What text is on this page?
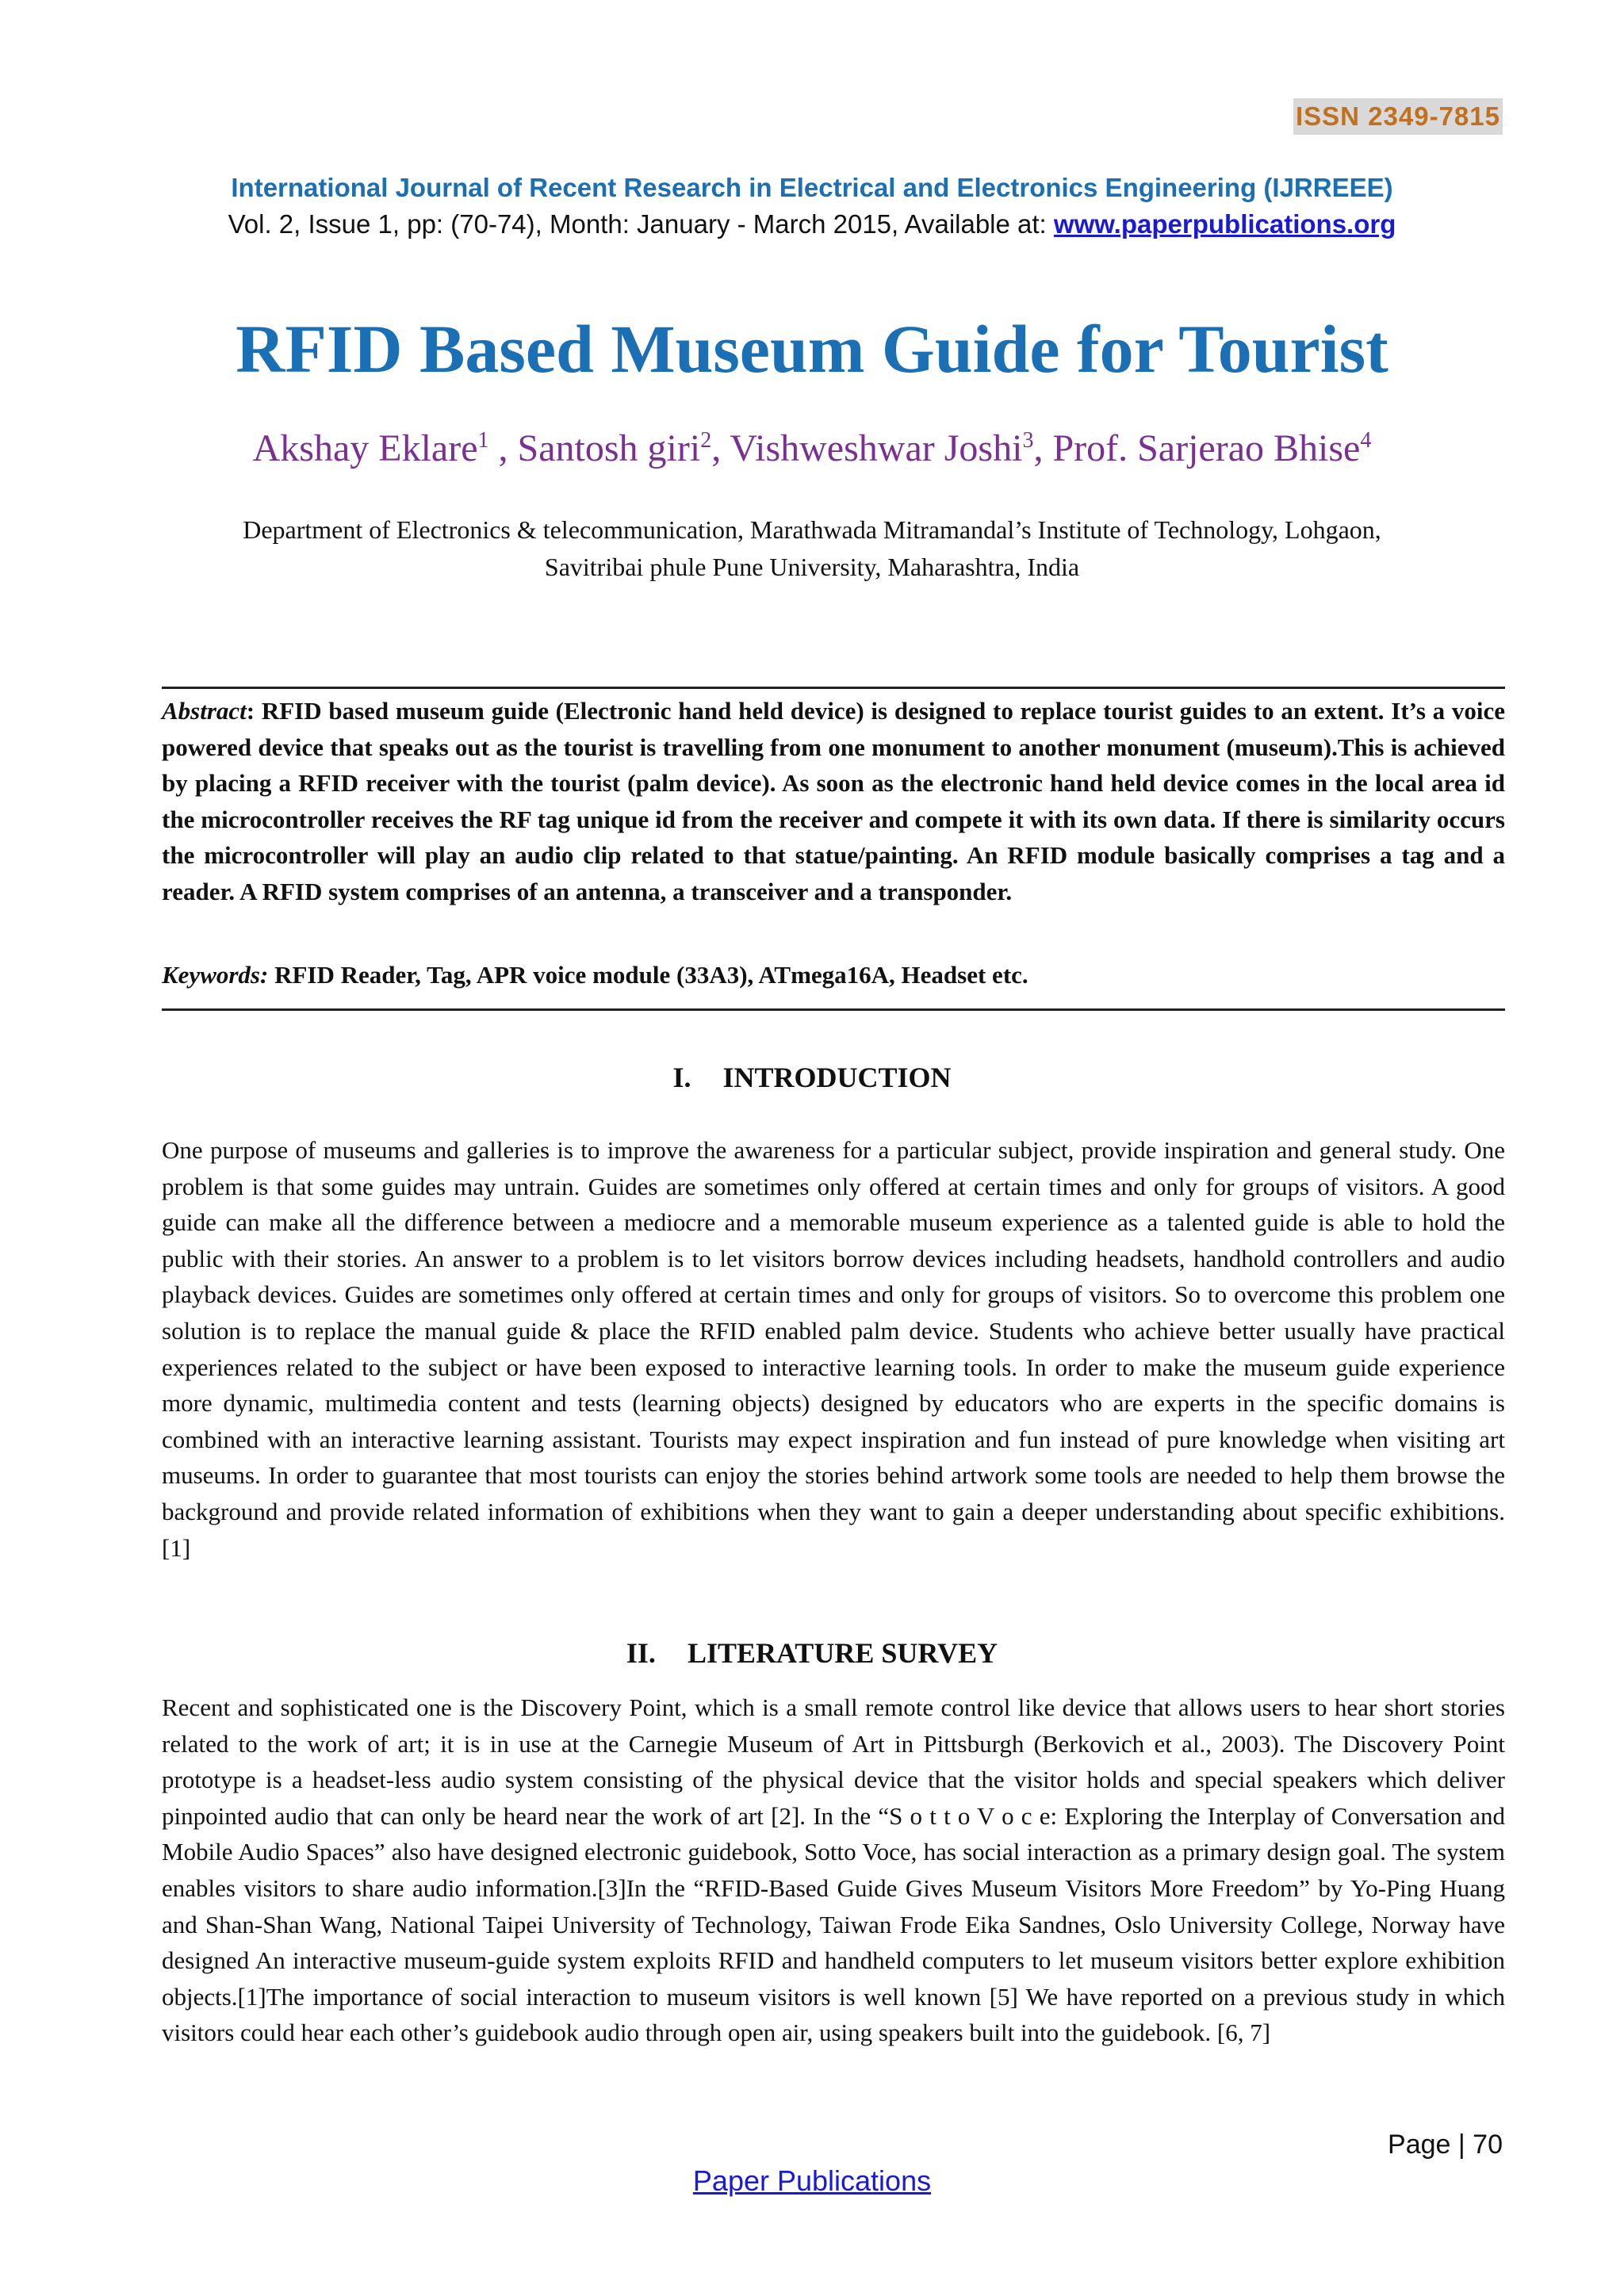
ISSN 2349-7815
International Journal of Recent Research in Electrical and Electronics Engineering (IJRREEE)
Vol. 2, Issue 1, pp: (70-74), Month: January - March 2015, Available at: www.paperpublications.org
RFID Based Museum Guide for Tourist
Akshay Eklare$^1$ , Santosh giri$^2$, Vishweshwar Joshi$^3$, Prof. Sarjerao Bhise$^4$
Department of Electronics & telecommunication, Marathwada Mitramandal’s Institute of Technology, Lohgaon,
Savitribai phule Pune University, Maharashtra, India
Abstract: RFID based museum guide (Electronic hand held device) is designed to replace tourist guides to an extent. It’s a voice powered device that speaks out as the tourist is travelling from one monument to another monument (museum).This is achieved by placing a RFID receiver with the tourist (palm device). As soon as the electronic hand held device comes in the local area id the microcontroller receives the RF tag unique id from the receiver and compete it with its own data. If there is similarity occurs the microcontroller will play an audio clip related to that statue/painting. An RFID module basically comprises a tag and a reader. A RFID system comprises of an antenna, a transceiver and a transponder.
Keywords: RFID Reader, Tag, APR voice module (33A3), ATmega16A, Headset etc.
I. INTRODUCTION
One purpose of museums and galleries is to improve the awareness for a particular subject, provide inspiration and general study. One problem is that some guides may untrain. Guides are sometimes only offered at certain times and only for groups of visitors. A good guide can make all the difference between a mediocre and a memorable museum experience as a talented guide is able to hold the public with their stories. An answer to a problem is to let visitors borrow devices including headsets, handhold controllers and audio playback devices. Guides are sometimes only offered at certain times and only for groups of visitors. So to overcome this problem one solution is to replace the manual guide & place the RFID enabled palm device. Students who achieve better usually have practical experiences related to the subject or have been exposed to interactive learning tools. In order to make the museum guide experience more dynamic, multimedia content and tests (learning objects) designed by educators who are experts in the specific domains is combined with an interactive learning assistant. Tourists may expect inspiration and fun instead of pure knowledge when visiting art museums. In order to guarantee that most tourists can enjoy the stories behind artwork some tools are needed to help them browse the background and provide related information of exhibitions when they want to gain a deeper understanding about specific exhibitions. [1]
II. LITERATURE SURVEY
Recent and sophisticated one is the Discovery Point, which is a small remote control like device that allows users to hear short stories related to the work of art; it is in use at the Carnegie Museum of Art in Pittsburgh (Berkovich et al., 2003). The Discovery Point prototype is a headset-less audio system consisting of the physical device that the visitor holds and special speakers which deliver pinpointed audio that can only be heard near the work of art [2]. In the “S o t t o V o c e: Exploring the Interplay of Conversation and Mobile Audio Spaces” also have designed electronic guidebook, Sotto Voce, has social interaction as a primary design goal. The system enables visitors to share audio information.[3]In the “RFID-Based Guide Gives Museum Visitors More Freedom” by Yo-Ping Huang and Shan-Shan Wang, National Taipei University of Technology, Taiwan Frode Eika Sandnes, Oslo University College, Norway have designed An interactive museum-guide system exploits RFID and handheld computers to let museum visitors better explore exhibition objects.[1]The importance of social interaction to museum visitors is well known [5] We have reported on a previous study in which visitors could hear each other’s guidebook audio through open air, using speakers built into the guidebook. [6, 7]
Page | 70
Paper Publications
